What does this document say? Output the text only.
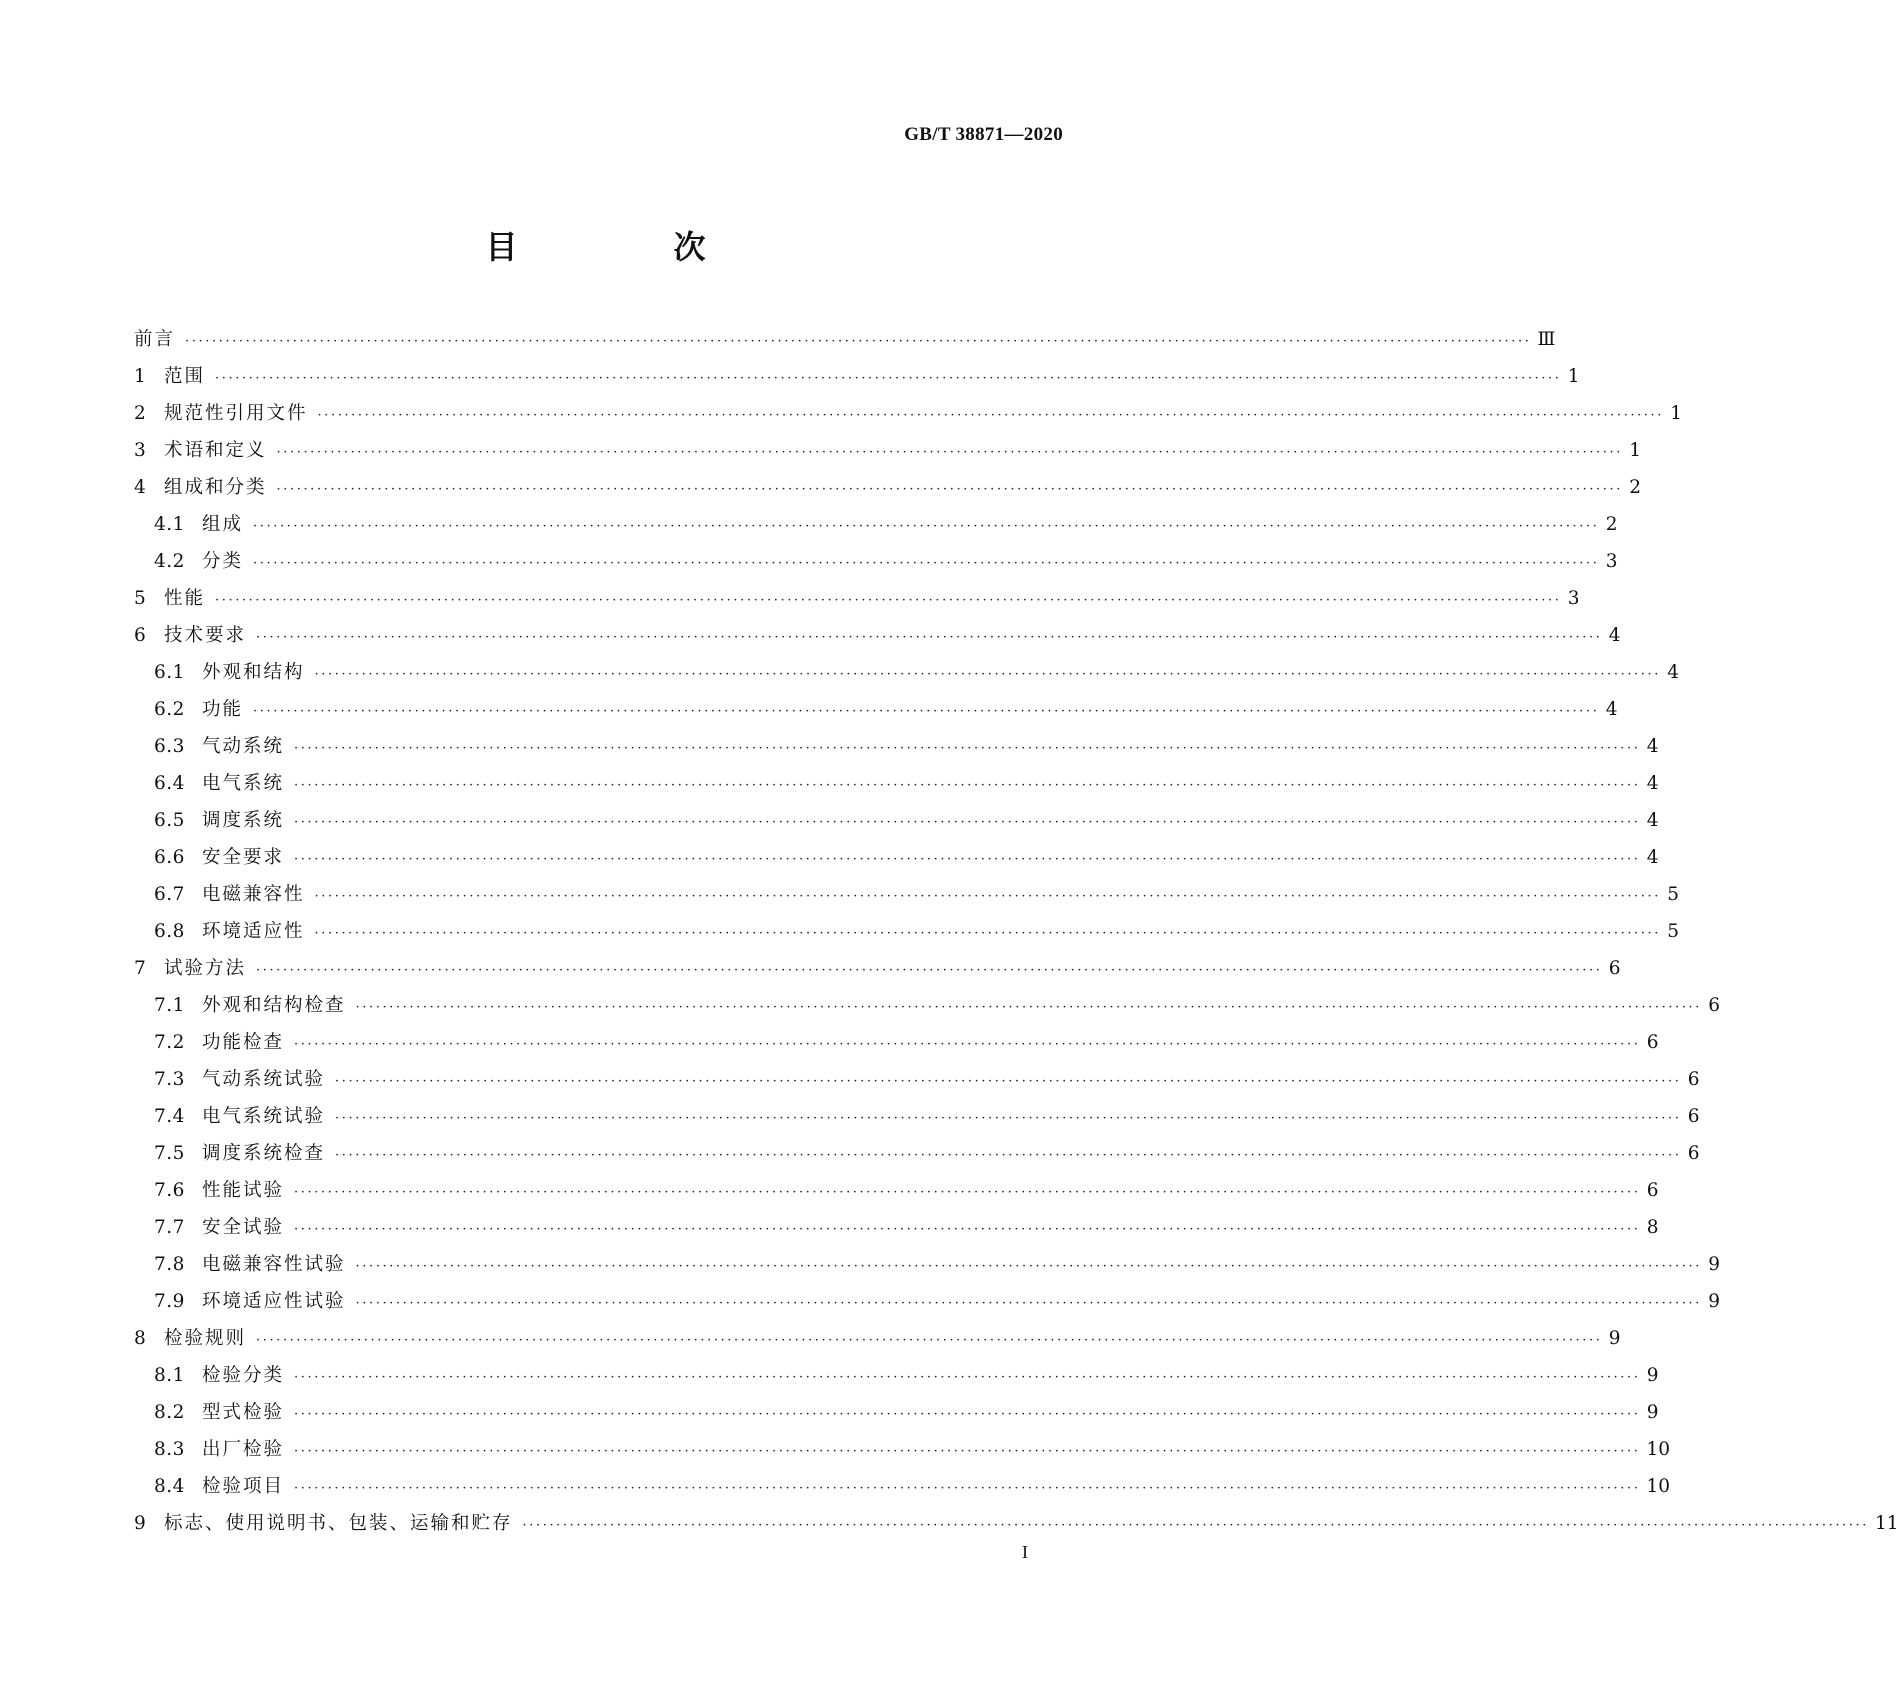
GB/T 38871—2020
目　次
前言 ········································································································································································································ Ⅲ
1 范围 ········································································································································································································ 1
2 规范性引用文件 ········································································································································································································ 1
3 术语和定义 ········································································································································································································ 1
4 组成和分类 ········································································································································································································ 2
4.1 组成 ········································································································································································································ 2
4.2 分类 ········································································································································································································ 3
5 性能 ········································································································································································································ 3
6 技术要求 ········································································································································································································ 4
6.1 外观和结构 ········································································································································································································ 4
6.2 功能 ········································································································································································································ 4
6.3 气动系统 ········································································································································································································ 4
6.4 电气系统 ········································································································································································································ 4
6.5 调度系统 ········································································································································································································ 4
6.6 安全要求 ········································································································································································································ 4
6.7 电磁兼容性 ········································································································································································································ 5
6.8 环境适应性 ········································································································································································································ 5
7 试验方法 ········································································································································································································ 6
7.1 外观和结构检查 ········································································································································································································ 6
7.2 功能检查 ········································································································································································································ 6
7.3 气动系统试验 ········································································································································································································ 6
7.4 电气系统试验 ········································································································································································································ 6
7.5 调度系统检查 ········································································································································································································ 6
7.6 性能试验 ········································································································································································································ 6
7.7 安全试验 ········································································································································································································ 8
7.8 电磁兼容性试验 ········································································································································································································ 9
7.9 环境适应性试验 ········································································································································································································ 9
8 检验规则 ········································································································································································································ 9
8.1 检验分类 ········································································································································································································ 9
8.2 型式检验 ········································································································································································································ 9
8.3 出厂检验 ········································································································································································································ 10
8.4 检验项目 ········································································································································································································ 10
9 标志、使用说明书、包装、运输和贮存 ········································································································································································································ 11
I
